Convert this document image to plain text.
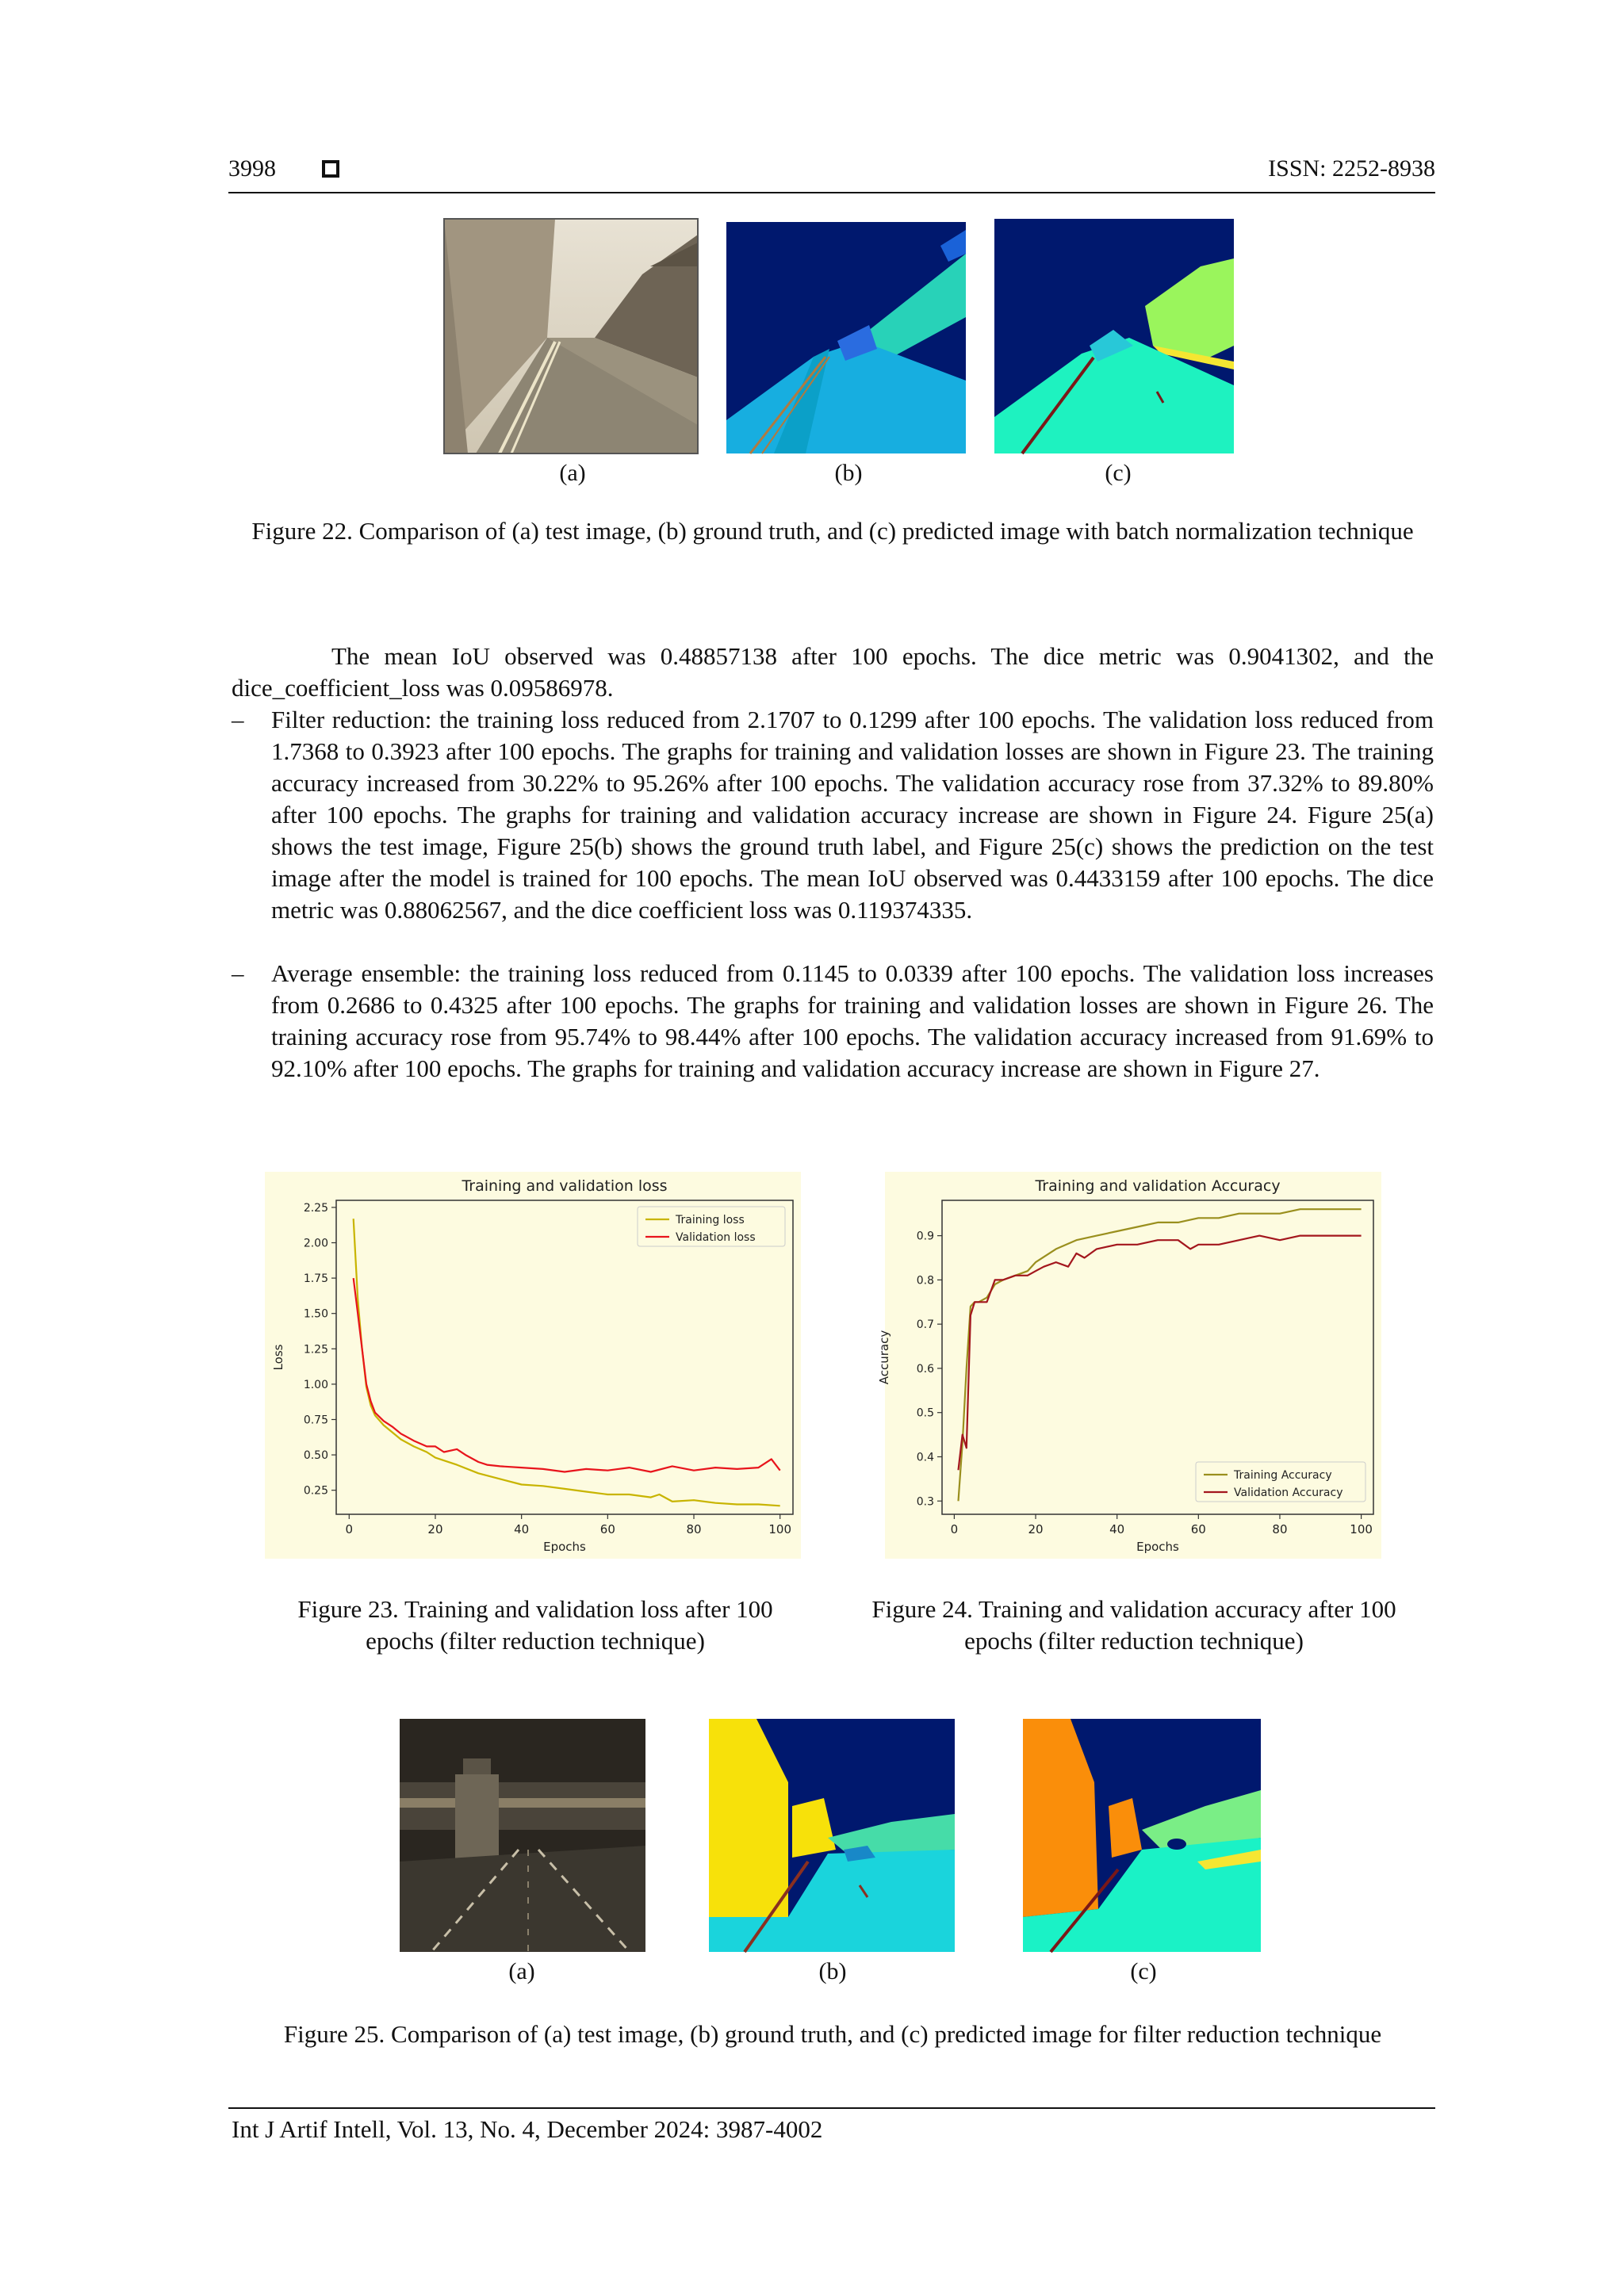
3998	ISSN: 2252-8938
(a)	(b)	(c)
Figure 22. Comparison of (a) test image, (b) ground truth, and (c) predicted image with batch normalization technique
The mean IoU observed was 0.48857138 after 100 epochs. The dice metric was 0.9041302, and the dice_coefficient_loss was 0.09586978.
– Filter reduction: the training loss reduced from 2.1707 to 0.1299 after 100 epochs. The validation loss reduced from 1.7368 to 0.3923 after 100 epochs. The graphs for training and validation losses are shown in Figure 23. The training accuracy increased from 30.22% to 95.26% after 100 epochs. The validation accuracy rose from 37.32% to 89.80% after 100 epochs. The graphs for training and validation accuracy increase are shown in Figure 24. Figure 25(a) shows the test image, Figure 25(b) shows the ground truth label, and Figure 25(c) shows the prediction on the test image after the model is trained for 100 epochs. The mean IoU observed was 0.4433159 after 100 epochs. The dice metric was 0.88062567, and the dice coefficient loss was 0.119374335.
– Average ensemble: the training loss reduced from 0.1145 to 0.0339 after 100 epochs. The validation loss increases from 0.2686 to 0.4325 after 100 epochs. The graphs for training and validation losses are shown in Figure 26. The training accuracy rose from 95.74% to 98.44% after 100 epochs. The validation accuracy increased from 91.69% to 92.10% after 100 epochs. The graphs for training and validation accuracy increase are shown in Figure 27.
Training and validation loss
0	20	40	60	80	100
0.25
0.50
0.75
1.00
1.25
1.50
1.75
2.00
2.25
Epochs
Loss
Training loss
Validation loss
Training and validation Accuracy
0	20	40	60	80	100
0.3
0.4
0.5
0.6
0.7
0.8
0.9
Epochs
Accuracy
Training Accuracy
Validation Accuracy
Figure 23. Training and validation loss after 100 epochs (filter reduction technique)
Figure 24. Training and validation accuracy after 100 epochs (filter reduction technique)
(a)	(b)	(c)
Figure 25. Comparison of (a) test image, (b) ground truth, and (c) predicted image for filter reduction technique
Int J Artif Intell, Vol. 13, No. 4, December 2024: 3987-4002
